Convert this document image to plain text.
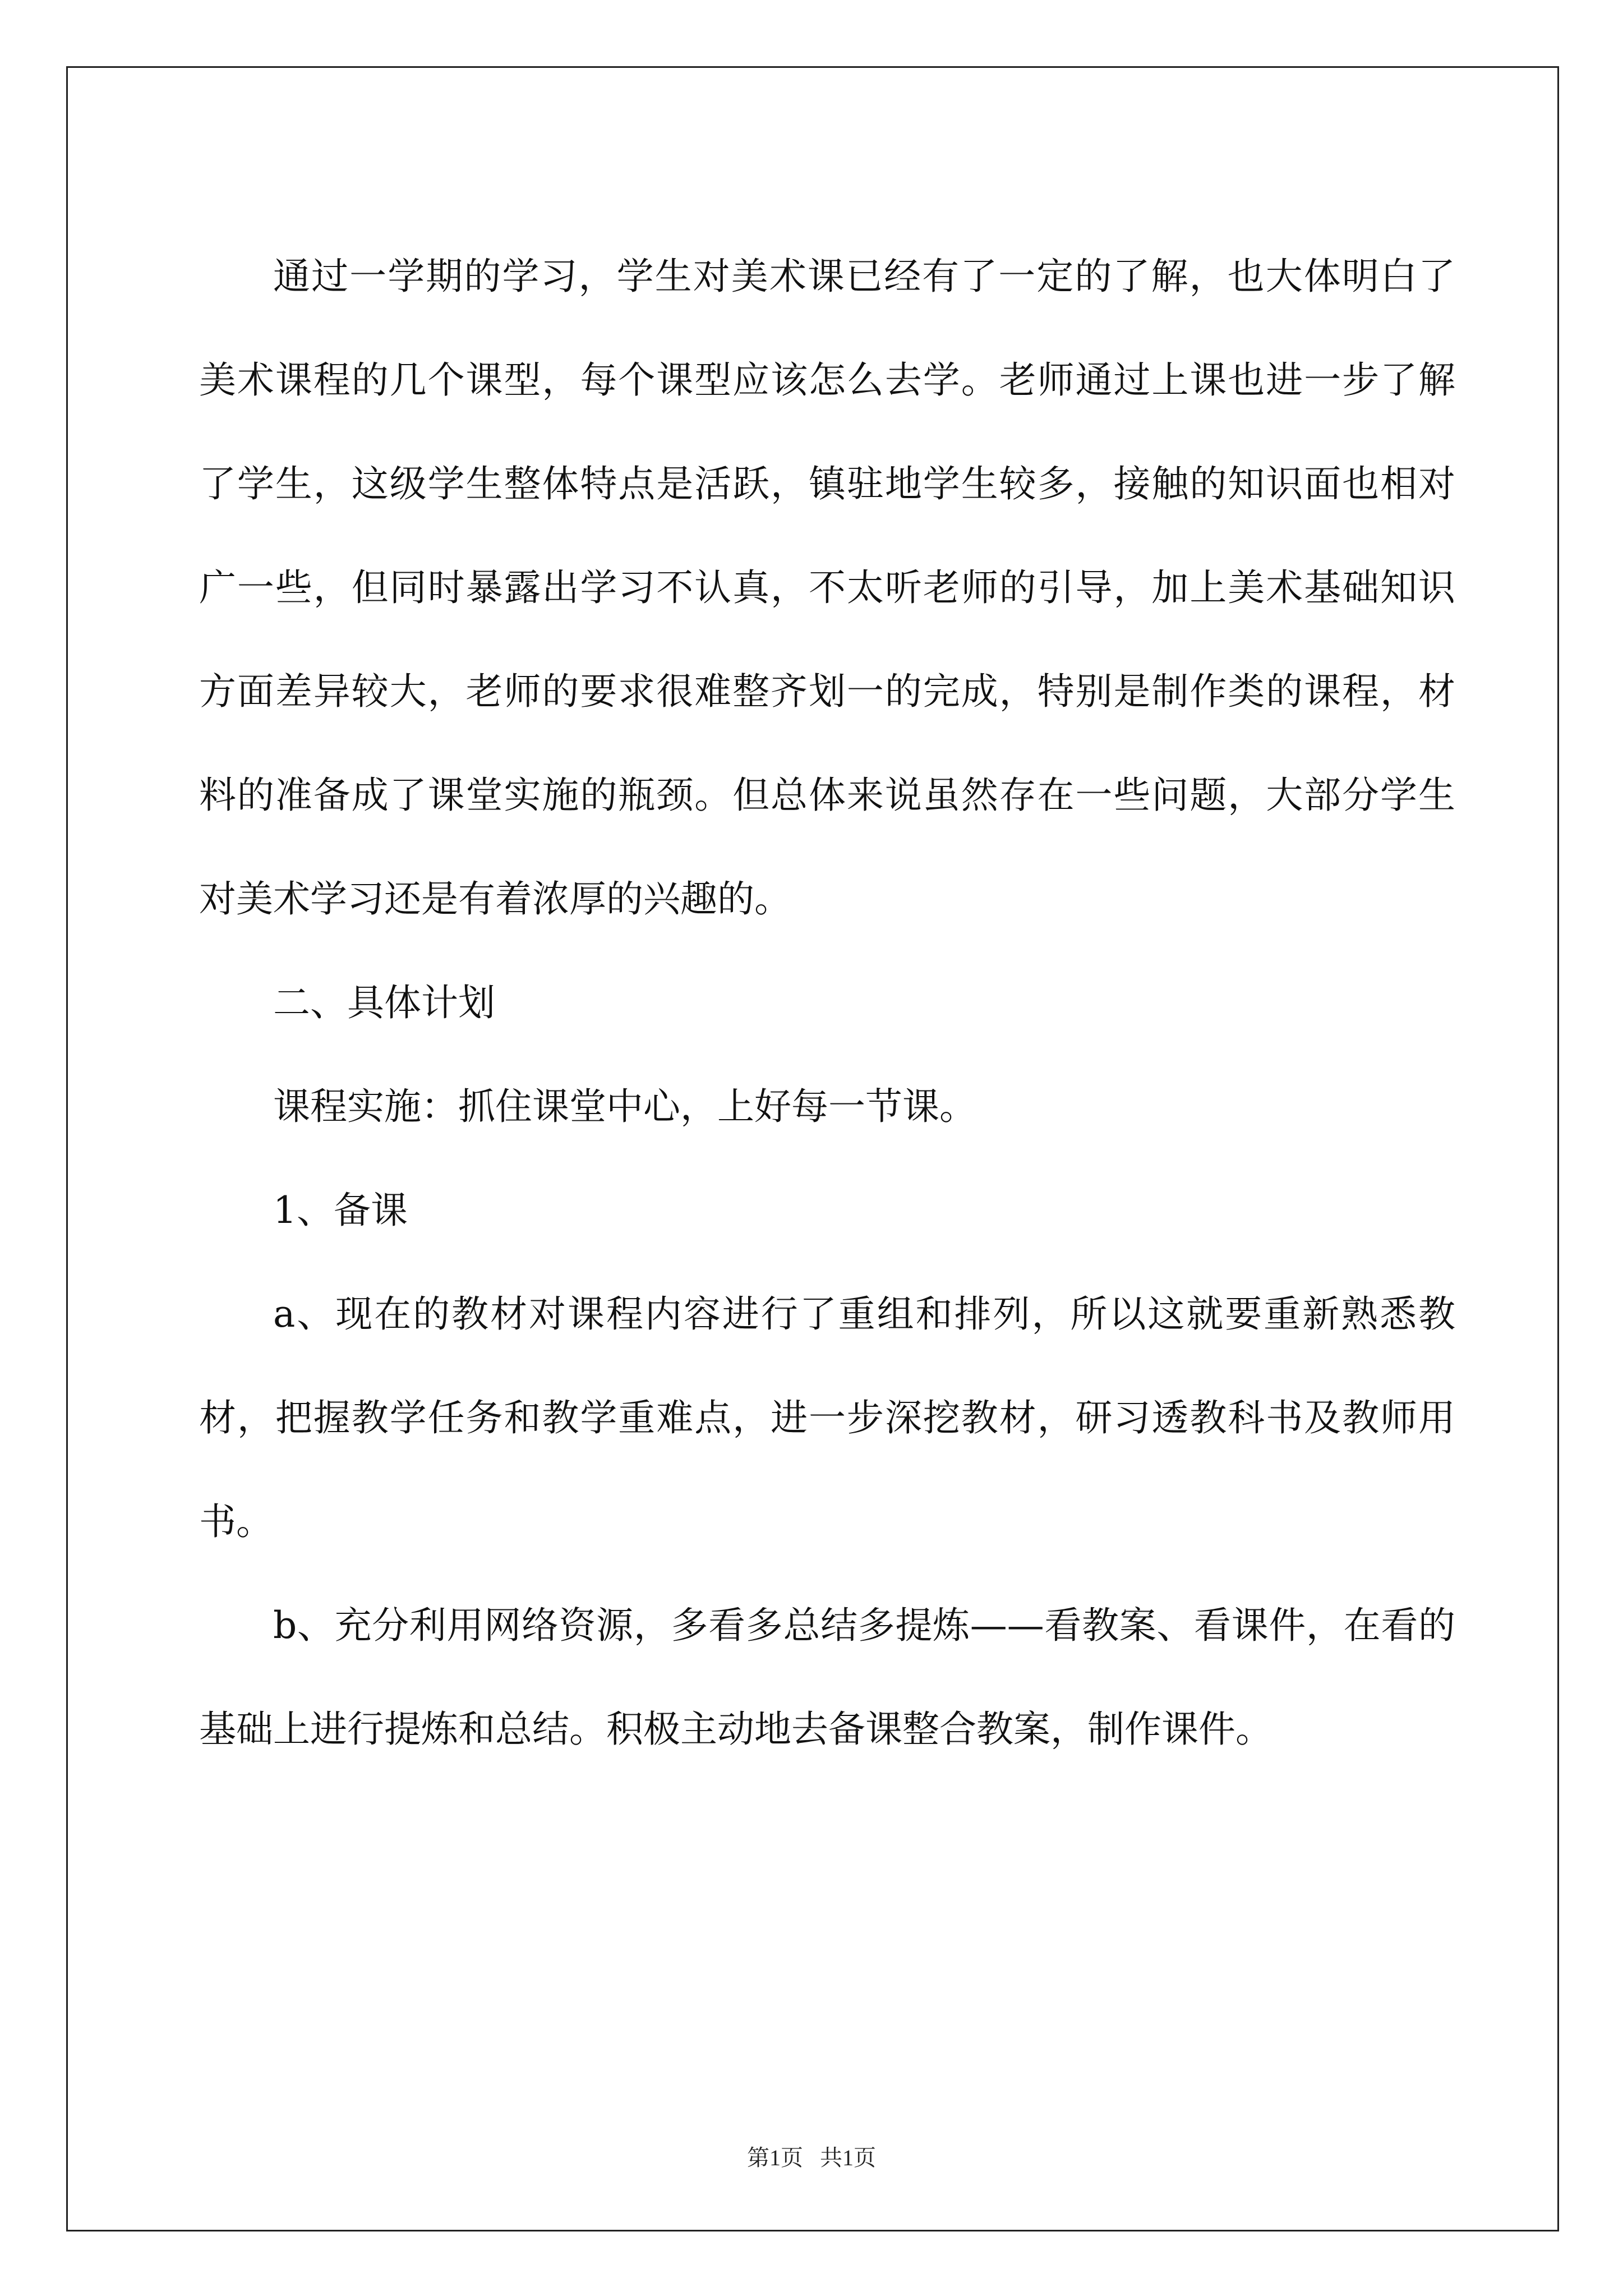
通过一学期的学习，学生对美术课已经有了一定的了解，也大体明白了美术课程的几个课型，每个课型应该怎么去学。老师通过上课也进一步了解了学生，这级学生整体特点是活跃，镇驻地学生较多，接触的知识面也相对广一些，但同时暴露出学习不认真，不太听老师的引导，加上美术基础知识方面差异较大，老师的要求很难整齐划一的完成，特别是制作类的课程，材料的准备成了课堂实施的瓶颈。但总体来说虽然存在一些问题，大部分学生对美术学习还是有着浓厚的兴趣的。

二、具体计划

课程实施：抓住课堂中心，上好每一节课。

1、备课

a、现在的教材对课程内容进行了重组和排列，所以这就要重新熟悉教材，把握教学任务和教学重难点，进一步深挖教材，研习透教科书及教师用书。

b、充分利用网络资源，多看多总结多提炼——看教案、看课件，在看的基础上进行提炼和总结。积极主动地去备课整合教案，制作课件。

第1页   共1页
